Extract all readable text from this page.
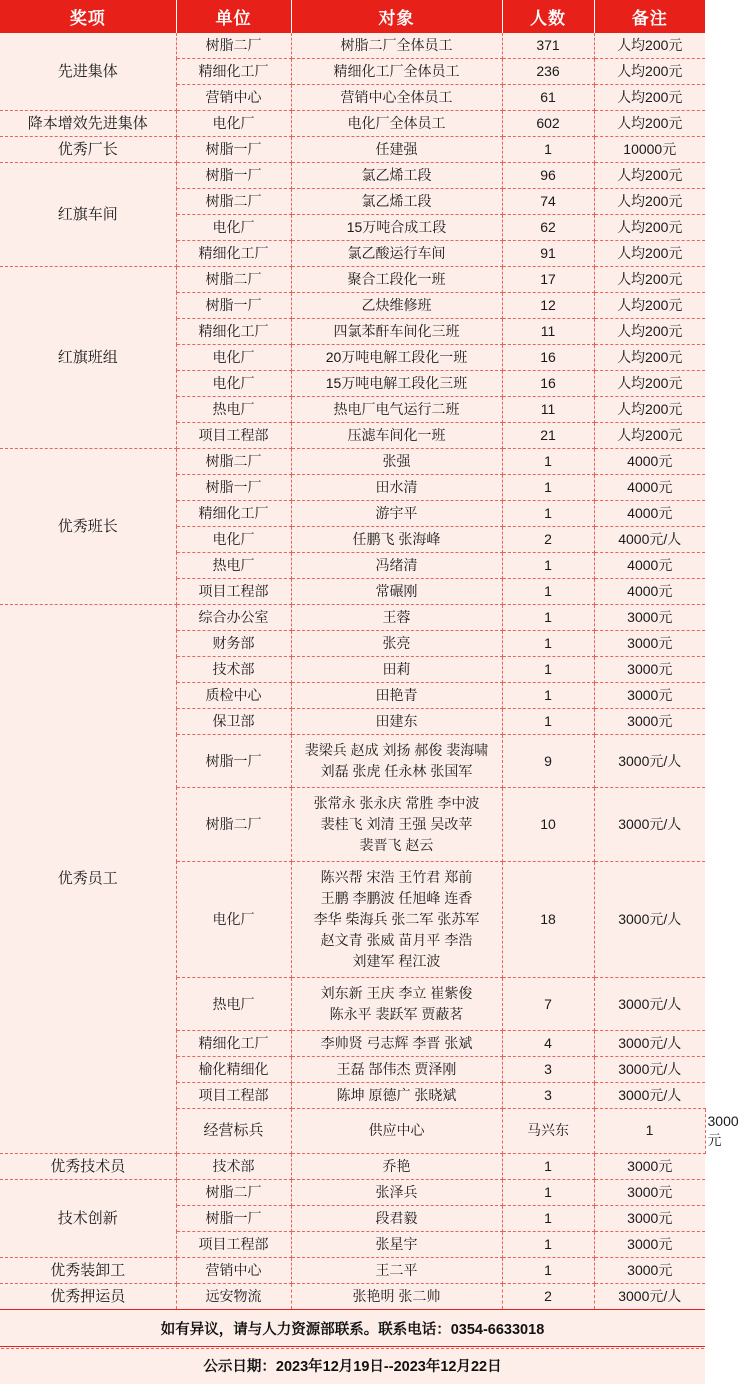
奖项	单位	对象	人数	备注	
先进集体	树脂二厂	树脂二厂全体员工	371	人均200元	
	精细化工厂	精细化工厂全体员工	236	人均200元	
	营销中心	营销中心全体员工	61	人均200元	
降本增效先进集体	电化厂	电化厂全体员工	602	人均200元	
优秀厂长	树脂一厂	任建强	1	10000元	
红旗车间	树脂一厂	氯乙烯工段	96	人均200元	
	树脂二厂	氯乙烯工段	74	人均200元	
	电化厂	15万吨合成工段	62	人均200元	
	精细化工厂	氯乙酸运行车间	91	人均200元	
红旗班组	树脂二厂	聚合工段化一班	17	人均200元	
	树脂一厂	乙炔维修班	12	人均200元	
	精细化工厂	四氯苯酐车间化三班	11	人均200元	
	电化厂	20万吨电解工段化一班	16	人均200元	
	电化厂	15万吨电解工段化三班	16	人均200元	
	热电厂	热电厂电气运行二班	11	人均200元	
	项目工程部	压滤车间化一班	21	人均200元	
优秀班长	树脂二厂	张强	1	4000元	
	树脂一厂	田水清	1	4000元	
	精细化工厂	游宇平	1	4000元	
	电化厂	任鹏飞 张海峰	2	4000元/人	
	热电厂	冯绪清	1	4000元	
	项目工程部	常碾刚	1	4000元	
优秀员工	综合办公室	王蓉	1	3000元	
	财务部	张亮	1	3000元	
	技术部	田莉	1	3000元	
	质检中心	田艳青	1	3000元	
	保卫部	田建东	1	3000元	
	树脂一厂	裴梁兵 赵成 刘扬 郝俊 裴海啸
刘磊 张虎 任永林 张国军	9	3000元/人	
	树脂二厂	张常永 张永庆 常胜 李中波
裴桂飞 刘清 王强 吴改苹
裴晋飞 赵云	10	3000元/人	
	电化厂	陈兴帮 宋浩 王竹君 郑前
王鹏 李鹏波 任旭峰 连香
李华 柴海兵 张二军 张苏军
赵文青 张威 苗月平 李浩
刘建军 程江波	18	3000元/人	
	热电厂	刘东新 王庆 李立 崔紫俊
陈永平 裴跃军 贾蔽茗	7	3000元/人	
	精细化工厂	李帅贤 弓志辉 李晋 张斌	4	3000元/人	
	榆化精细化	王磊 郜伟杰 贾泽刚	3	3000元/人	
	项目工程部	陈坤 原德广 张晓斌	3	3000元/人	
	经营标兵	供应中心	马兴东	1	3000元
优秀技术员	技术部	乔艳	1	3000元	
技术创新	树脂二厂	张泽兵	1	3000元	
	树脂一厂	段君毅	1	3000元	
	项目工程部	张星宇	1	3000元	
优秀装卸工	营销中心	王二平	1	3000元	
优秀押运员	远安物流	张艳明 张二帅	2	3000元/人	

如有异议，请与人力资源部联系。联系电话：0354-6633018					

公示日期：2023年12月19日--2023年12月22日					
